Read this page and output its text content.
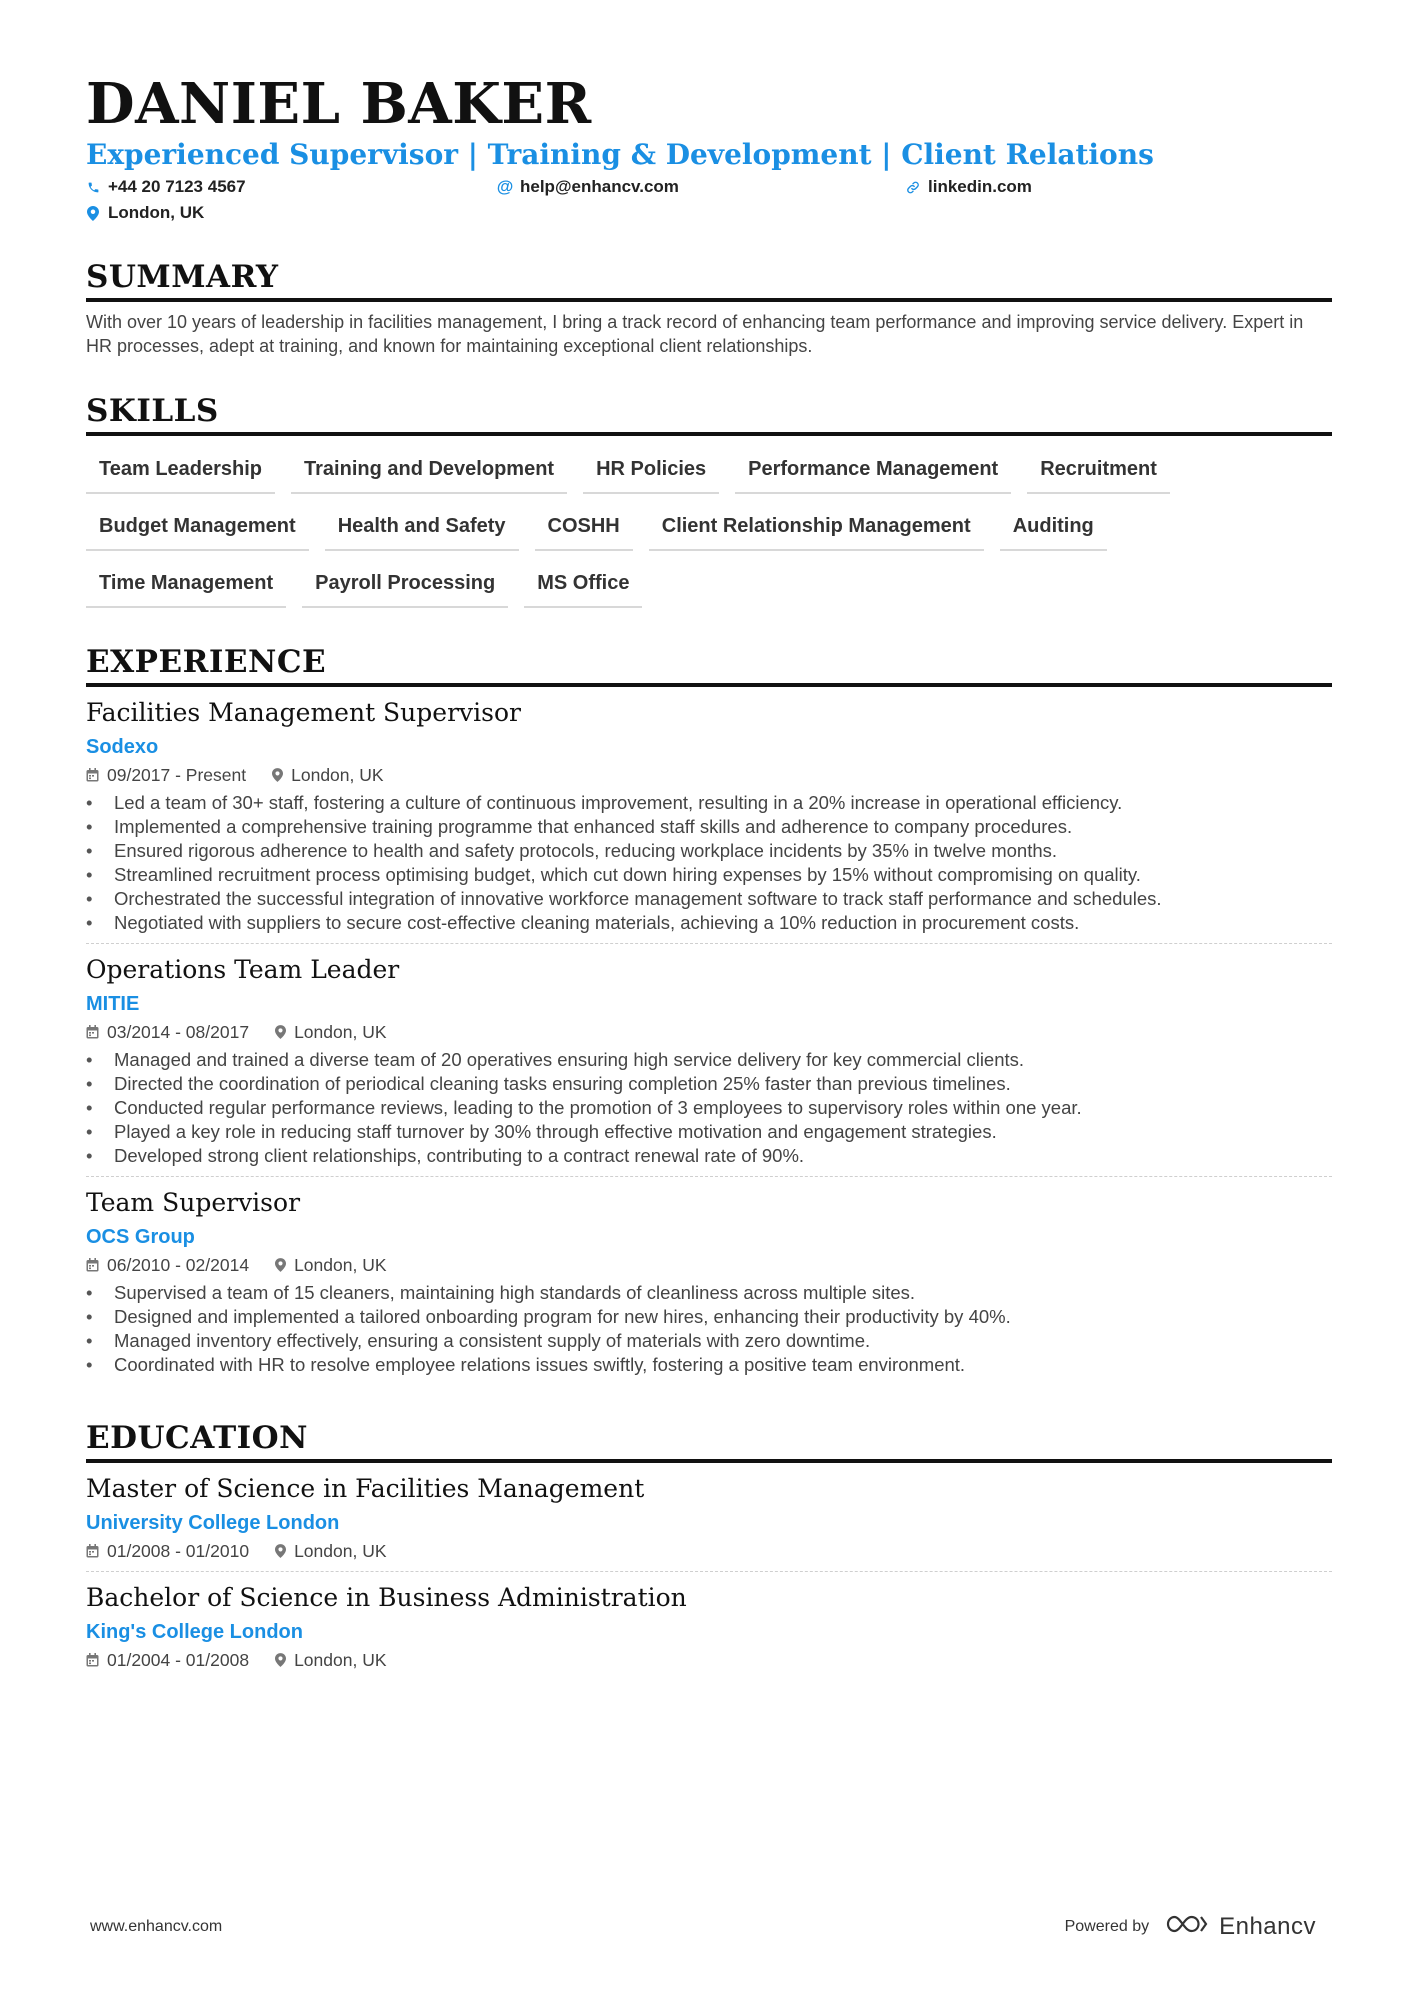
DANIEL BAKER
Experienced Supervisor | Training & Development | Client Relations
+44 20 7123 4567	@ help@enhancv.com	linkedin.com
London, UK
SUMMARY
With over 10 years of leadership in facilities management, I bring a track record of enhancing team performance and improving service delivery. Expert in HR processes, adept at training, and known for maintaining exceptional client relationships.
SKILLS
Team Leadership	Training and Development	HR Policies	Performance Management	Recruitment
Budget Management	Health and Safety	COSHH	Client Relationship Management	Auditing
Time Management	Payroll Processing	MS Office
EXPERIENCE
Facilities Management Supervisor
Sodexo
09/2017 - Present	London, UK
• Led a team of 30+ staff, fostering a culture of continuous improvement, resulting in a 20% increase in operational efficiency.
• Implemented a comprehensive training programme that enhanced staff skills and adherence to company procedures.
• Ensured rigorous adherence to health and safety protocols, reducing workplace incidents by 35% in twelve months.
• Streamlined recruitment process optimising budget, which cut down hiring expenses by 15% without compromising on quality.
• Orchestrated the successful integration of innovative workforce management software to track staff performance and schedules.
• Negotiated with suppliers to secure cost-effective cleaning materials, achieving a 10% reduction in procurement costs.
Operations Team Leader
MITIE
03/2014 - 08/2017	London, UK
• Managed and trained a diverse team of 20 operatives ensuring high service delivery for key commercial clients.
• Directed the coordination of periodical cleaning tasks ensuring completion 25% faster than previous timelines.
• Conducted regular performance reviews, leading to the promotion of 3 employees to supervisory roles within one year.
• Played a key role in reducing staff turnover by 30% through effective motivation and engagement strategies.
• Developed strong client relationships, contributing to a contract renewal rate of 90%.
Team Supervisor
OCS Group
06/2010 - 02/2014	London, UK
• Supervised a team of 15 cleaners, maintaining high standards of cleanliness across multiple sites.
• Designed and implemented a tailored onboarding program for new hires, enhancing their productivity by 40%.
• Managed inventory effectively, ensuring a consistent supply of materials with zero downtime.
• Coordinated with HR to resolve employee relations issues swiftly, fostering a positive team environment.
EDUCATION
Master of Science in Facilities Management
University College London
01/2008 - 01/2010	London, UK
Bachelor of Science in Business Administration
King's College London
01/2004 - 01/2008	London, UK
www.enhancv.com	Powered by	Enhancv
